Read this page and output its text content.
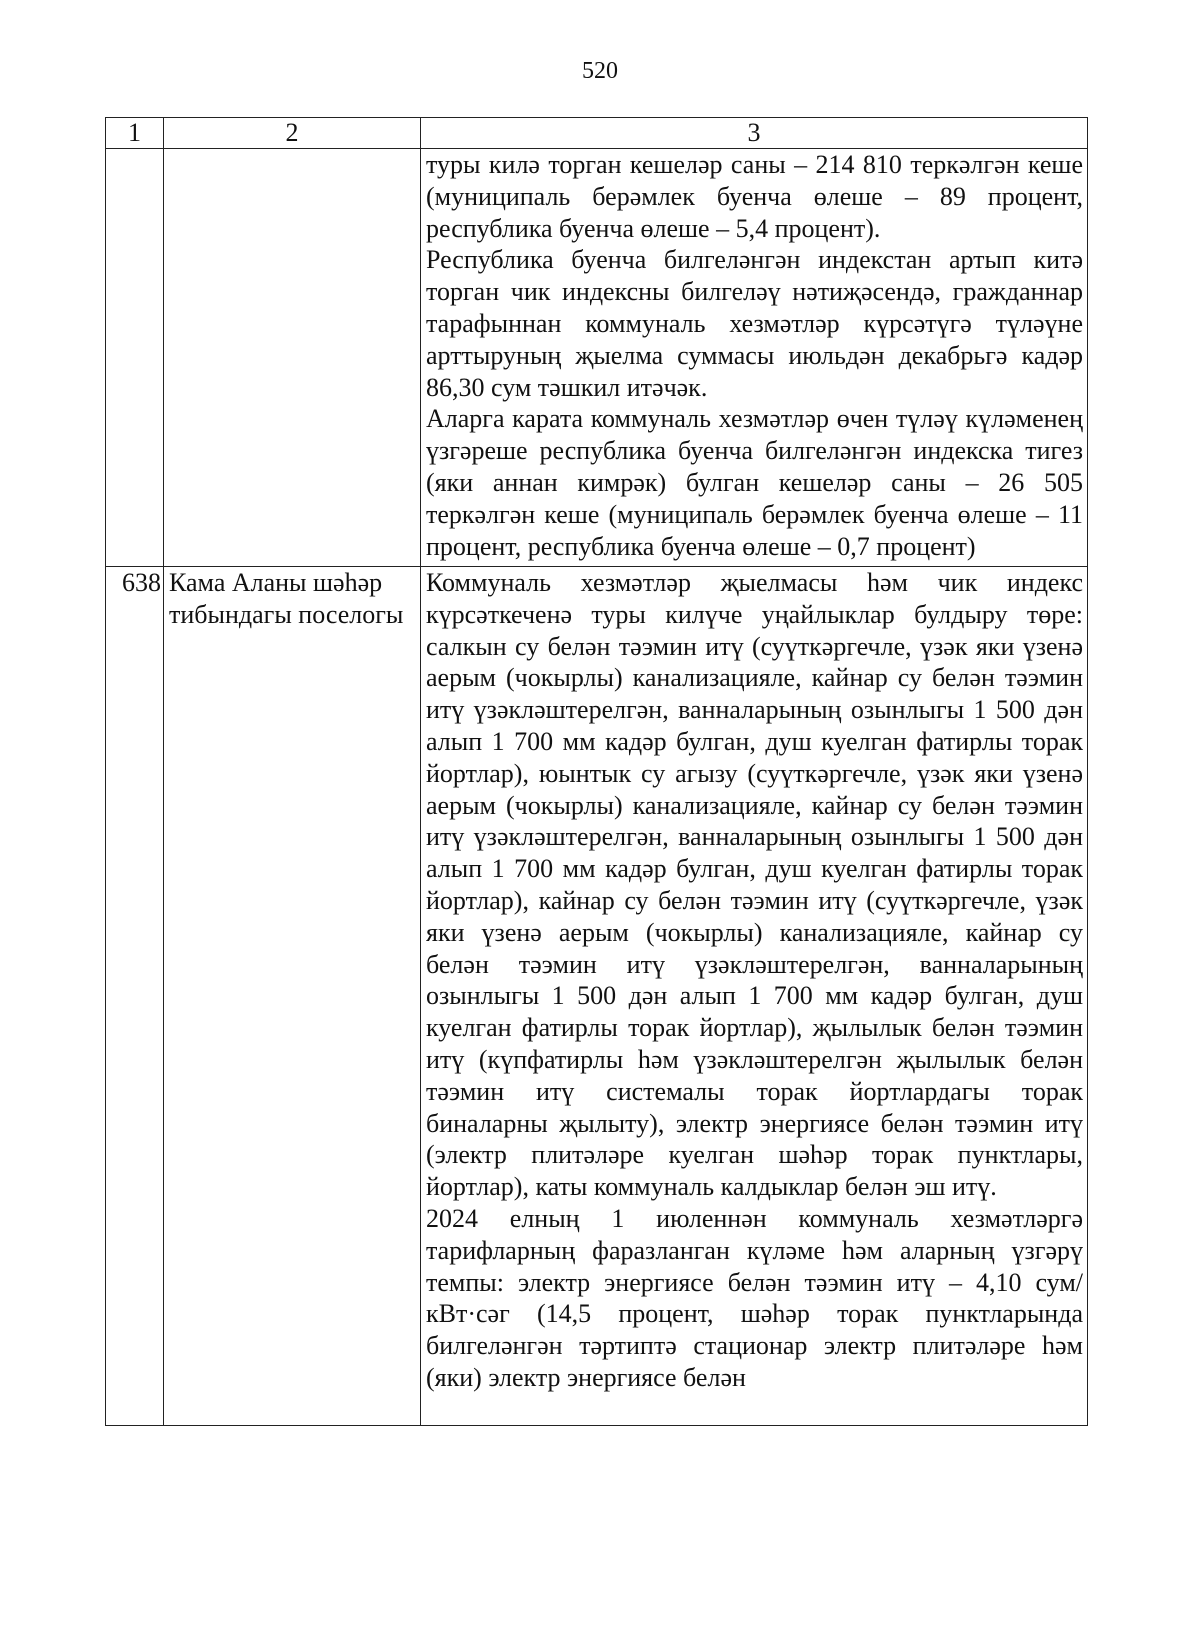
520
1	2	3

		туры килә торган кешеләр саны – 214 810 теркәлгән кеше (муниципаль берәмлек буенча өлеше – 89 процент, республика буенча өлеше – 5,4 процент).

Республика буенча билгеләнгән индекстан артып китә торган чик индексны билгеләү нәтиҗәсендә, гражданнар тарафыннан коммуналь хезмәтләр күрсәтүгә түләүне арттыруның җыелма суммасы июльдән декабрьгә кадәр 86,30 сум тәшкил итәчәк.

Аларга карата коммуналь хезмәтләр өчен түләү күләменең үзгәреше республика буенча билгеләнгән индекска тигез (яки аннан кимрәк) булган кешеләр саны – 26 505 теркәлгән кеше (муниципаль берәмлек буенча өлеше – 11 процент, республика буенча өлеше – 0,7 процент)

638	Кама Аланы шәһәр тибындагы поселогы	Коммуналь хезмәтләр җыелмасы һәм чик индекс күрсәткеченә туры килүче уңайлыклар булдыру төре: салкын су белән тәэмин итү (суүткәргечле, үзәк яки үзенә аерым (чокырлы) канализацияле, кайнар су белән тәэмин итү үзәкләштерелгән, ванналарының озынлыгы 1 500 дән алып 1 700 мм кадәр булган, душ куелган фатирлы торак йортлар), юынтык су агызу (суүткәргечле, үзәк яки үзенә аерым (чокырлы) канализацияле, кайнар су белән тәэмин итү үзәкләштерелгән, ванналарының озынлыгы 1 500 дән алып 1 700 мм кадәр булган, душ куелган фатирлы торак йортлар), кайнар су белән тәэмин итү (суүткәргечле, үзәк яки үзенә аерым (чокырлы) канализацияле, кайнар су белән тәэмин итү үзәкләштерелгән, ванналарының озынлыгы 1 500 дән алып 1 700 мм кадәр булган, душ куелган фатирлы торак йортлар), җылылык белән тәэмин итү (күпфатирлы һәм үзәкләштерелгән җылылык белән тәэмин итү системалы торак йортлардагы торак биналарны җылыту), электр энергиясе белән тәэмин итү (электр плитәләре куелган шәһәр торак пунктлары, йортлар), каты коммуналь калдыклар белән эш итү.

2024 елның 1 июленнән коммуналь хезмәтләргә тарифларның фаразланган күләме һәм аларның үзгәрү темпы: электр энергиясе белән тәэмин итү – 4,10 сум/кВт·сәг (14,5 процент, шәһәр торак пунктларында билгеләнгән тәртиптә стационар электр плитәләре һәм (яки) электр энергиясе белән
